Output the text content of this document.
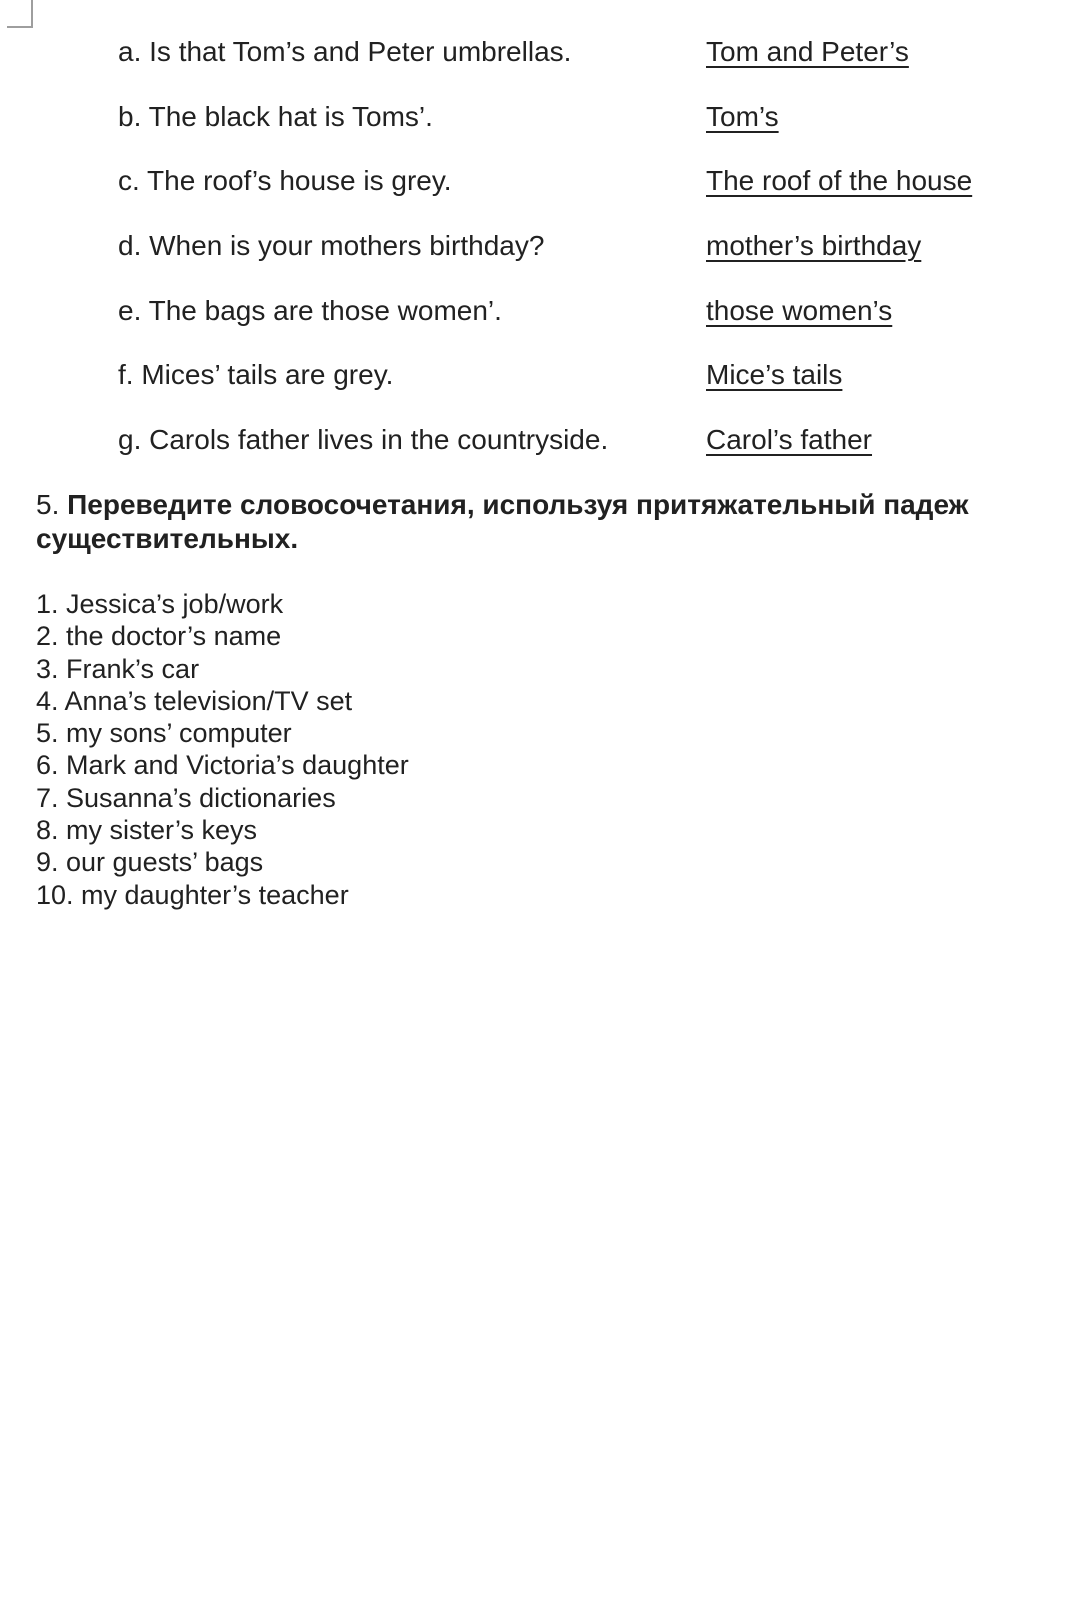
a. Is that Tom’s and Peter umbrellas.	Tom and Peter’s
b. The black hat is Toms’.	Tom’s
c. The roof’s house is grey.	The roof of the house
d. When is your mothers birthday?	mother’s birthday
e. The bags are those women’.	those women’s
f. Mices’ tails are grey.	Mice’s tails
g. Carols father lives in the countryside.	Carol’s father
5. Переведите словосочетания, используя притяжательный падеж существительных.
1. Jessica’s job/work
2. the doctor’s name
3. Frank’s car
4. Anna’s television/TV set
5. my sons’ computer
6. Mark and Victoria’s daughter
7. Susanna’s dictionaries
8. my sister’s keys
9. our guests’ bags
10. my daughter’s teacher
